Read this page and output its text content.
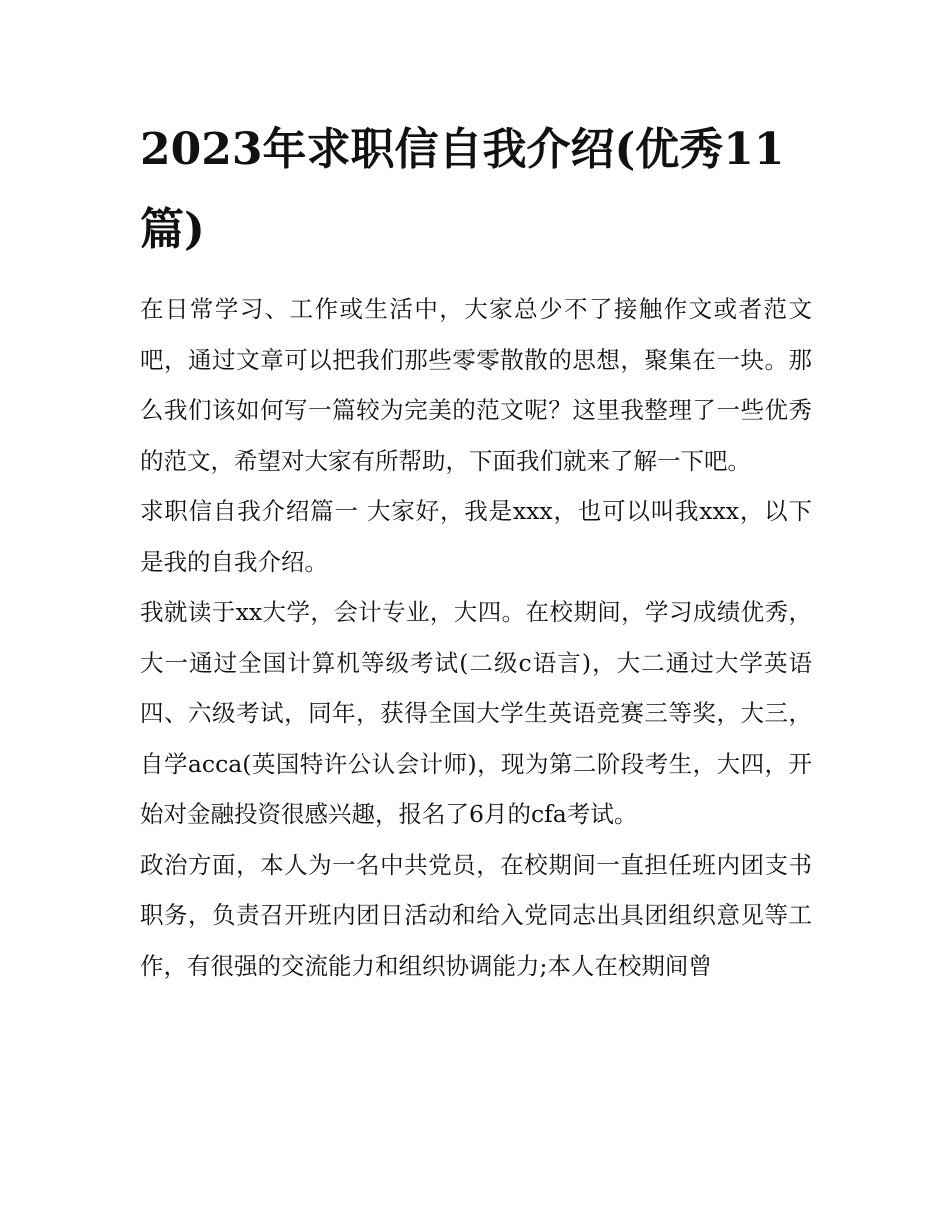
2023年求职信自我介绍(优秀11篇)

在日常学习、工作或生活中，大家总少不了接触作文或者范文吧，通过文章可以把我们那些零零散散的思想，聚集在一块。那么我们该如何写一篇较为完美的范文呢？这里我整理了一些优秀的范文，希望对大家有所帮助，下面我们就来了解一下吧。

求职信自我介绍篇一 大家好，我是xxx，也可以叫我xxx，以下是我的自我介绍。

我就读于xx大学，会计专业，大四。在校期间，学习成绩优秀，大一通过全国计算机等级考试(二级c语言)，大二通过大学英语四、六级考试，同年，获得全国大学生英语竞赛三等奖，大三，自学acca(英国特许公认会计师)，现为第二阶段考生，大四，开始对金融投资很感兴趣，报名了6月的cfa考试。

政治方面，本人为一名中共党员，在校期间一直担任班内团支书职务，负责召开班内团日活动和给入党同志出具团组织意见等工作，有很强的交流能力和组织协调能力;本人在校期间曾
